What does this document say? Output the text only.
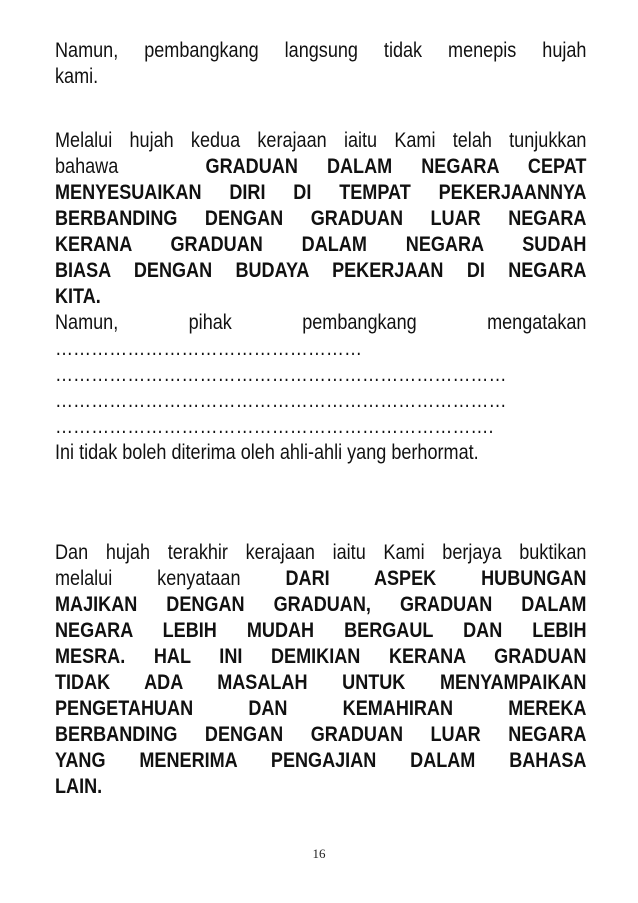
Namun, pembangkang langsung tidak menepis hujah
kami.
Melalui hujah kedua kerajaan iaitu Kami telah tunjukkan
bahawa	GRADUAN DALAM NEGARA CEPAT
MENYESUAIKAN DIRI DI TEMPAT PEKERJAANNYA
BERBANDING DENGAN GRADUAN LUAR NEGARA
KERANA GRADUAN DALAM NEGARA SUDAH
BIASA DENGAN BUDAYA PEKERJAAN DI NEGARA
KITA.
Namun, pihak pembangkang mengatakan
……………………………………………
…………………………………………………………………
…………………………………………………………………
……………………………………………………………….
Ini tidak boleh diterima oleh ahli-ahli yang berhormat.
Dan hujah terakhir kerajaan iaitu Kami berjaya buktikan
melalui kenyataan DARI ASPEK HUBUNGAN
MAJIKAN DENGAN GRADUAN, GRADUAN DALAM
NEGARA LEBIH MUDAH BERGAUL DAN LEBIH
MESRA. HAL INI DEMIKIAN KERANA GRADUAN
TIDAK ADA MASALAH UNTUK MENYAMPAIKAN
PENGETAHUAN DAN KEMAHIRAN MEREKA
BERBANDING DENGAN GRADUAN LUAR NEGARA
YANG MENERIMA PENGAJIAN DALAM BAHASA
LAIN.
16
